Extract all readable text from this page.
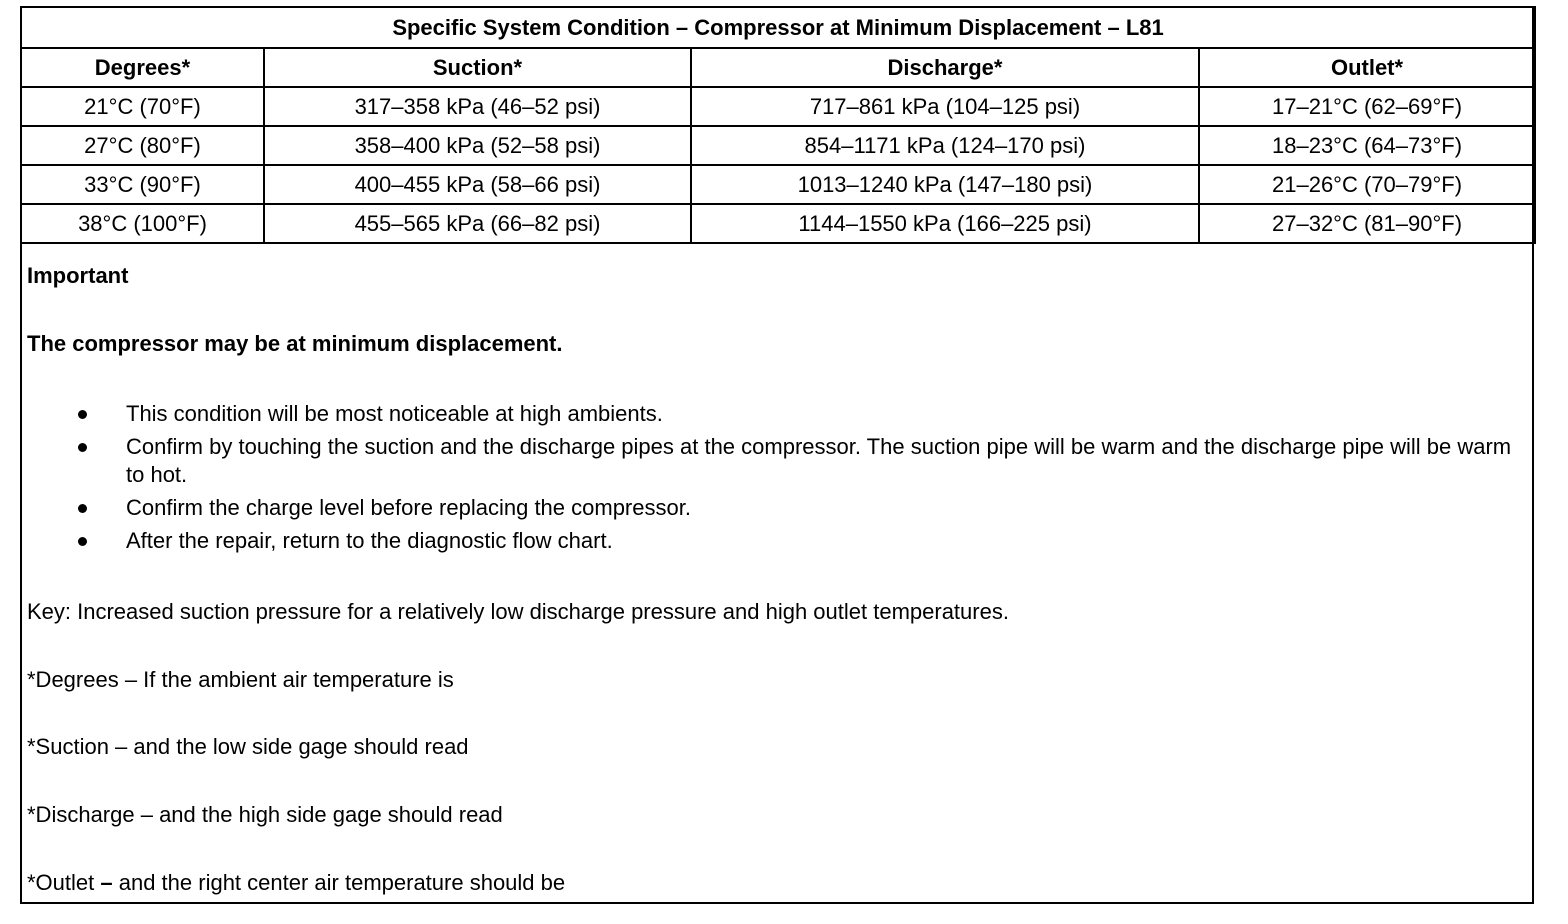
Specific System Condition – Compressor at Minimum Displacement – L81			
Degrees*	Suction*	Discharge*	Outlet*
21°C (70°F)	317–358 kPa (46–52 psi)	717–861 kPa (104–125 psi)	17–21°C (62–69°F)
27°C (80°F)	358–400 kPa (52–58 psi)	854–1171 kPa (124–170 psi)	18–23°C (64–73°F)
33°C (90°F)	400–455 kPa (58–66 psi)	1013–1240 kPa (147–180 psi)	21–26°C (70–79°F)
38°C (100°F)	455–565 kPa (66–82 psi)	1144–1550 kPa (166–225 psi)	27–32°C (81–90°F)
Important
The compressor may be at minimum displacement.
This condition will be most noticeable at high ambients.
Confirm by touching the suction and the discharge pipes at the compressor. The suction pipe will be warm and the discharge pipe will be warm to hot.
Confirm the charge level before replacing the compressor.
After the repair, return to the diagnostic flow chart.
Key: Increased suction pressure for a relatively low discharge pressure and high outlet temperatures.
*Degrees – If the ambient air temperature is
*Suction – and the low side gage should read
*Discharge – and the high side gage should read
*Outlet – and the right center air temperature should be
